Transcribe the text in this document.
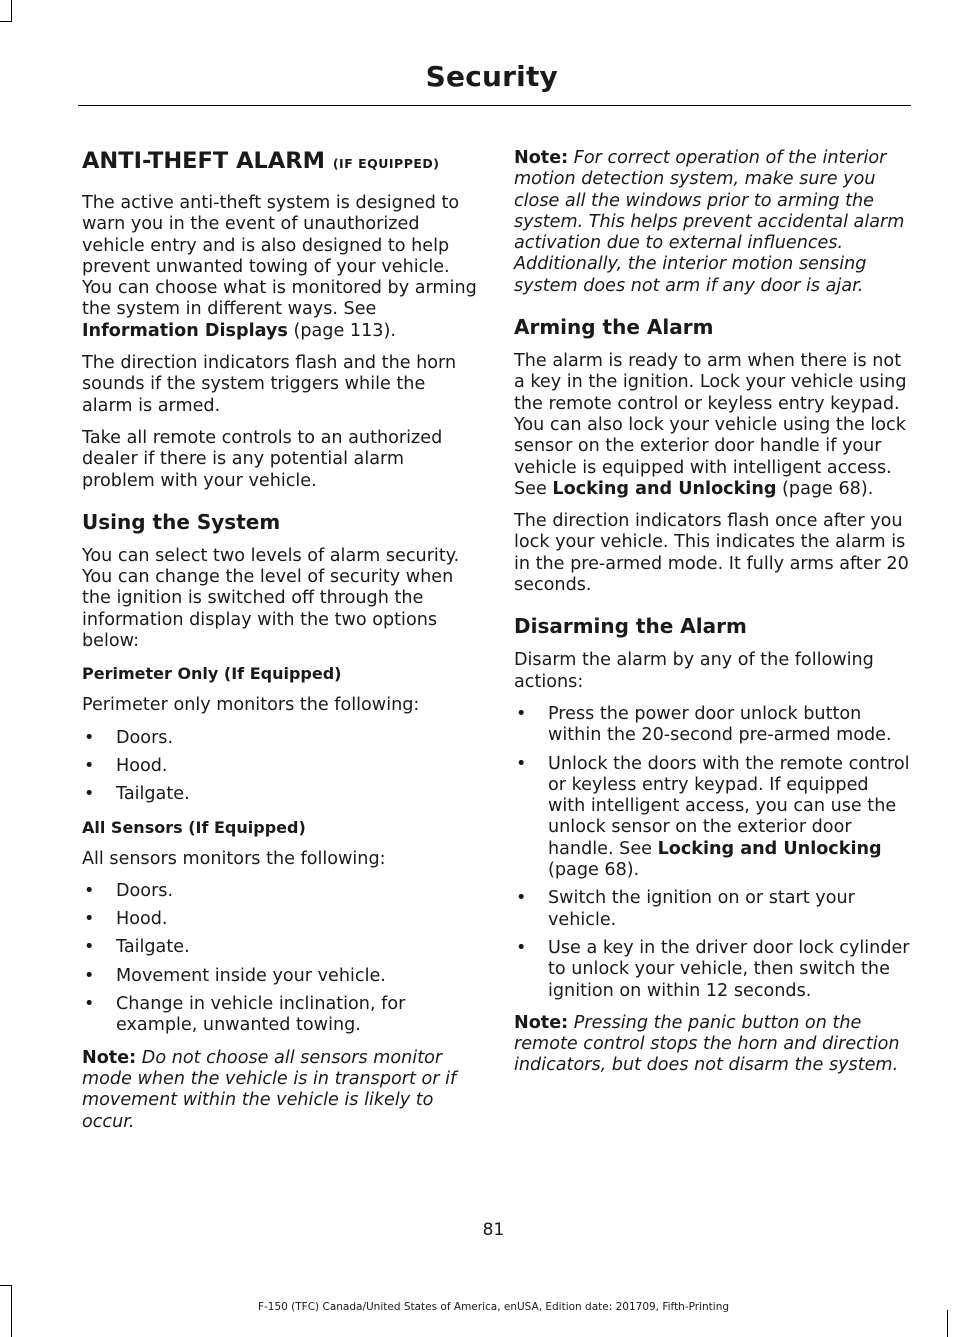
Security
ANTI-THEFT ALARM (IF EQUIPPED)

The active anti-theft system is designed to warn you in the event of unauthorized vehicle entry and is also designed to help prevent unwanted towing of your vehicle. You can choose what is monitored by arming the system in different ways. See Information Displays (page 113).

The direction indicators flash and the horn sounds if the system triggers while the alarm is armed.

Take all remote controls to an authorized dealer if there is any potential alarm problem with your vehicle.

Using the System

You can select two levels of alarm security. You can change the level of security when the ignition is switched off through the information display with the two options below:

Perimeter Only (If Equipped)

Perimeter only monitors the following:

• Doors.
• Hood.
• Tailgate.
All Sensors (If Equipped)

All sensors monitors the following:

• Doors.
• Hood.
• Tailgate.
• Movement inside your vehicle.
• Change in vehicle inclination, for example, unwanted towing.

Note: Do not choose all sensors monitor mode when the vehicle is in transport or if movement within the vehicle is likely to occur.

Note: For correct operation of the interior motion detection system, make sure you close all the windows prior to arming the system. This helps prevent accidental alarm activation due to external influences. Additionally, the interior motion sensing system does not arm if any door is ajar.

Arming the Alarm

The alarm is ready to arm when there is not a key in the ignition. Lock your vehicle using the remote control or keyless entry keypad. You can also lock your vehicle using the lock sensor on the exterior door handle if your vehicle is equipped with intelligent access. See Locking and Unlocking (page 68).

The direction indicators flash once after you lock your vehicle. This indicates the alarm is in the pre-armed mode. It fully arms after 20 seconds.

Disarming the Alarm

Disarm the alarm by any of the following actions:

• Press the power door unlock button within the 20-second pre-armed mode.
• Unlock the doors with the remote control or keyless entry keypad. If equipped with intelligent access, you can use the unlock sensor on the exterior door handle. See Locking and Unlocking (page 68).
• Switch the ignition on or start your vehicle.
• Use a key in the driver door lock cylinder to unlock your vehicle, then switch the ignition on within 12 seconds.

Note: Pressing the panic button on the remote control stops the horn and direction indicators, but does not disarm the system.

81
F-150 (TFC) Canada/United States of America, enUSA, Edition date: 201709, Fifth-Printing
